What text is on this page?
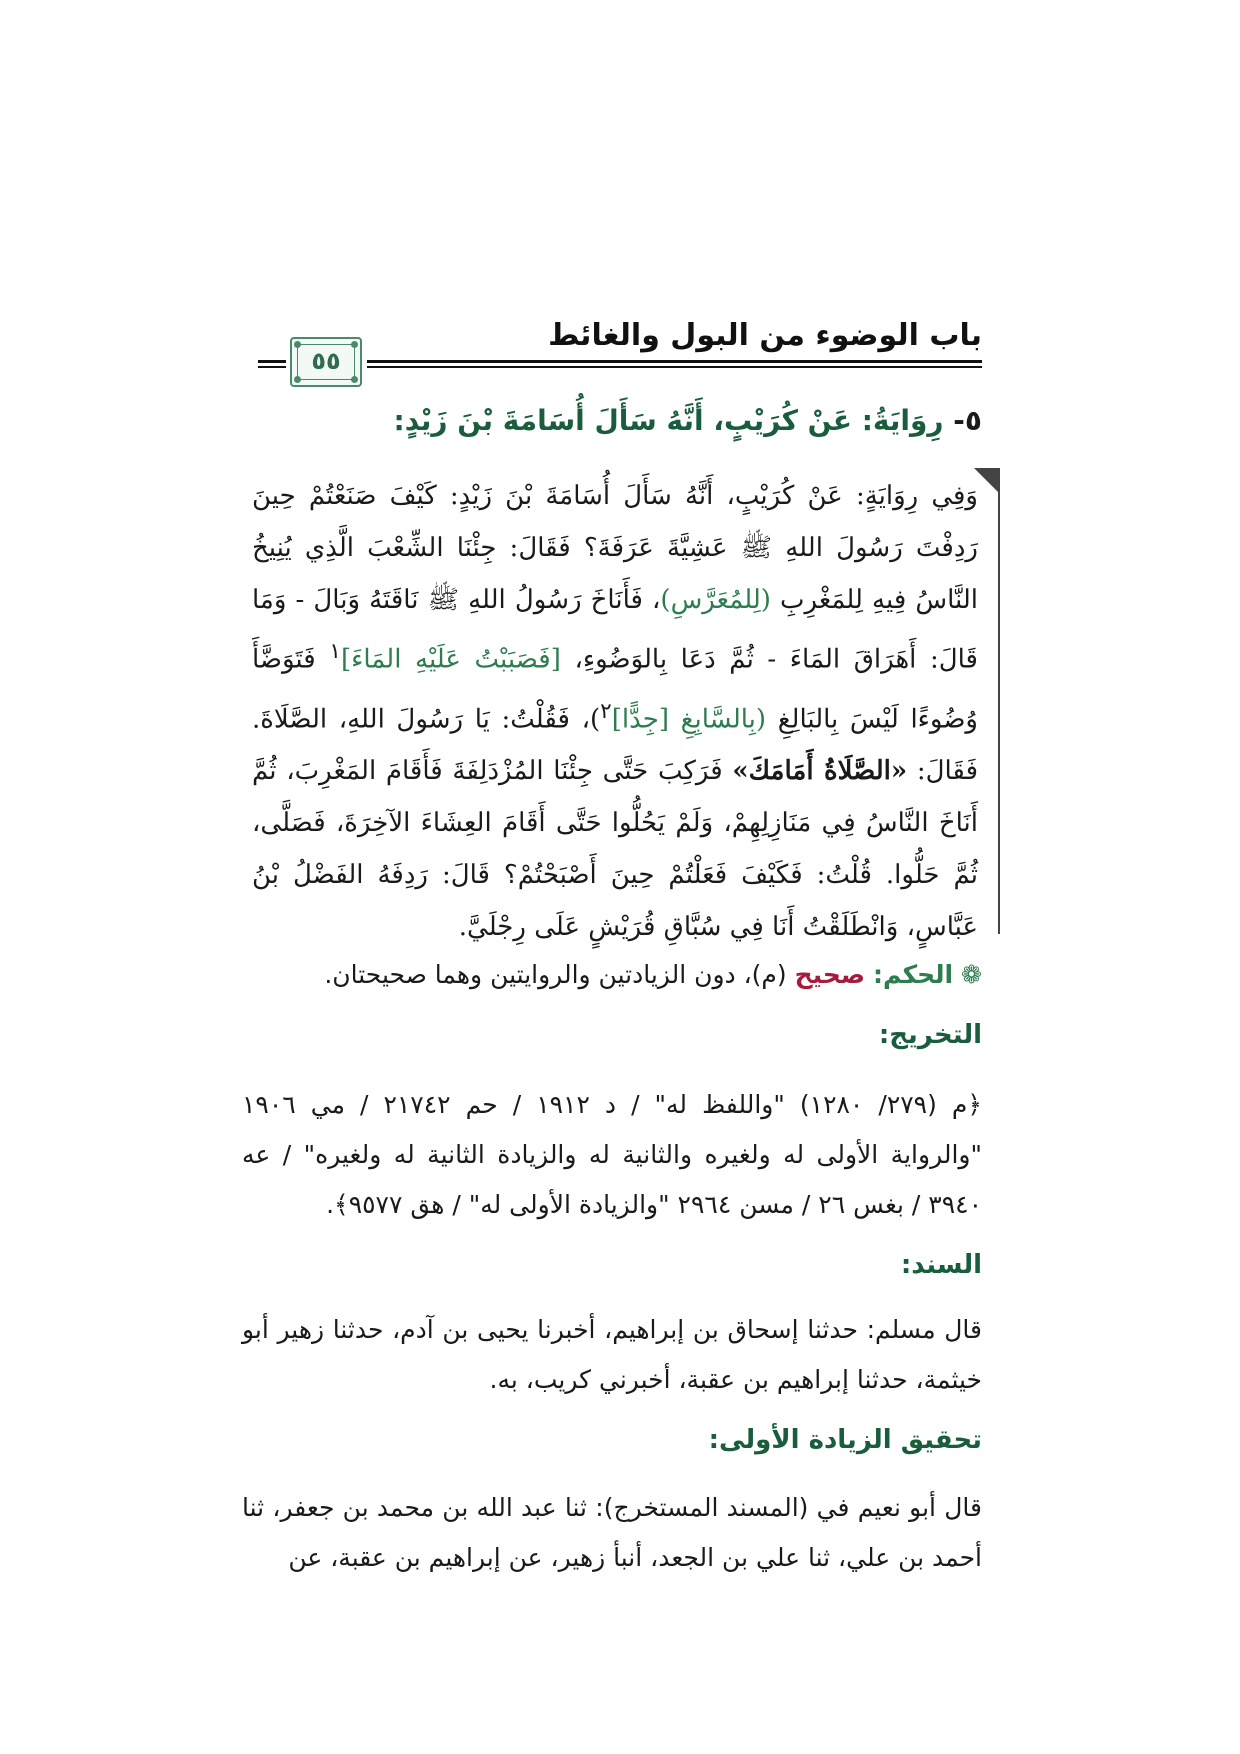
باب الوضوء من البول والغائط
٥٥
٥- رِوَايَةُ: عَنْ كُرَيْبٍ، أَنَّهُ سَأَلَ أُسَامَةَ بْنَ زَيْدٍ:
وَفِي رِوَايَةٍ: عَنْ كُرَيْبٍ، أَنَّهُ سَأَلَ أُسَامَةَ بْنَ زَيْدٍ: كَيْفَ صَنَعْتُمْ حِينَ رَدِفْتَ رَسُولَ اللهِ ﷺ عَشِيَّةَ عَرَفَةَ؟ فَقَالَ: جِئْنَا الشِّعْبَ الَّذِي يُنِيخُ النَّاسُ فِيهِ لِلمَغْرِبِ (لِلمُعَرَّسِ)، فَأَنَاخَ رَسُولُ اللهِ ﷺ نَاقَتَهُ وَبَالَ - وَمَا قَالَ: أَهَرَاقَ المَاءَ - ثُمَّ دَعَا بِالوَضُوءِ، [فَصَبَبْتُ عَلَيْهِ المَاءَ]$^١$ فَتَوَضَّأَ وُضُوءًا لَيْسَ بِالبَالِغِ (بِالسَّابِغِ [جِدًّا]$^٢$)، فَقُلْتُ: يَا رَسُولَ اللهِ، الصَّلَاةَ. فَقَالَ: «الصَّلَاةُ أَمَامَكَ» فَرَكِبَ حَتَّى جِئْنَا المُزْدَلِفَةَ فَأَقَامَ المَغْرِبَ، ثُمَّ أَنَاخَ النَّاسُ فِي مَنَازِلِهِمْ، وَلَمْ يَحُلُّوا حَتَّى أَقَامَ العِشَاءَ الآخِرَةَ، فَصَلَّى، ثُمَّ حَلُّوا. قُلْتُ: فَكَيْفَ فَعَلْتُمْ حِينَ أَصْبَحْتُمْ؟ قَالَ: رَدِفَهُ الفَضْلُ بْنُ عَبَّاسٍ، وَانْطَلَقْتُ أَنَا فِي سُبَّاقِ قُرَيْشٍ عَلَى رِجْلَيَّ.
❁ الحكم: صحيح (م)، دون الزيادتين والروايتين وهما صحيحتان.
التخريج:
﴿م (٢٧٩/ ١٢٨٠) "واللفظ له" / د ١٩١٢ / حم ٢١٧٤٢ / مي ١٩٠٦ "والرواية الأولى له ولغيره والثانية له والزيادة الثانية له ولغيره" / عه ٣٩٤٠ / بغس ٢٦ / مسن ٢٩٦٤ "والزيادة الأولى له" / هق ٩٥٧٧﴾.
السند:
قال مسلم: حدثنا إسحاق بن إبراهيم، أخبرنا يحيى بن آدم، حدثنا زهير أبو خيثمة، حدثنا إبراهيم بن عقبة، أخبرني كريب، به.
تحقيق الزيادة الأولى:
قال أبو نعيم في (المسند المستخرج): ثنا عبد الله بن محمد بن جعفر، ثنا أحمد بن علي، ثنا علي بن الجعد، أنبأ زهير، عن إبراهيم بن عقبة، عن
